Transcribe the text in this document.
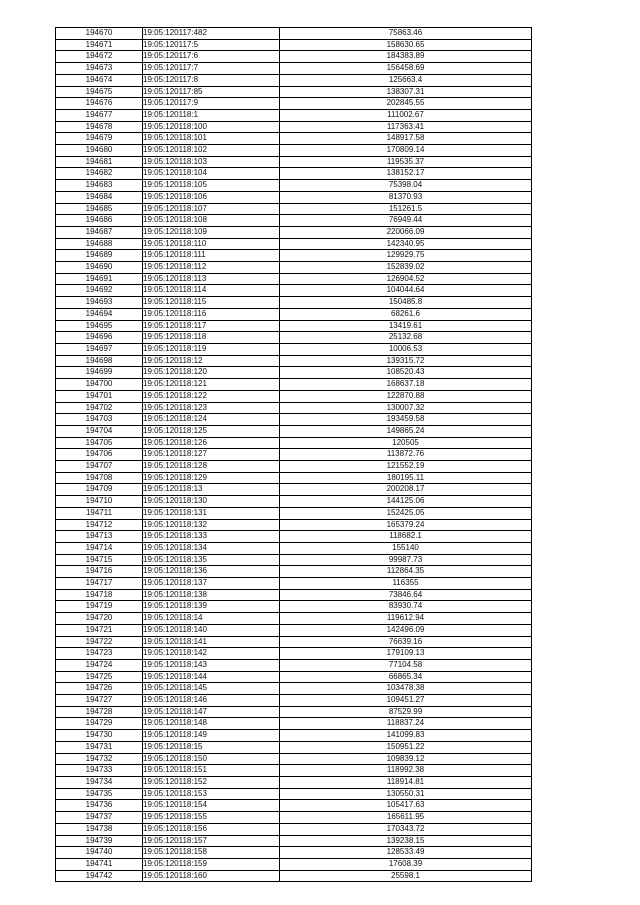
194670	19:05:120117:482	75863.46
194671	19:05:120117:5	158630.65
194672	19:05:120117:6	184383.89
194673	19:05:120117:7	156458.69
194674	19:05:120117:8	125663.4
194675	19:05:120117:85	138307.31
194676	19:05:120117:9	202845.55
194677	19:05:120118:1	111002.67
194678	19:05:120118:100	117363.41
194679	19:05:120118:101	148917.58
194680	19:05:120118:102	170809.14
194681	19:05:120118:103	119535.37
194682	19:05:120118:104	138152.17
194683	19:05:120118:105	75398.04
194684	19:05:120118:106	81370.93
194685	19:05:120118:107	151261.5
194686	19:05:120118:108	76949.44
194687	19:05:120118:109	220066.09
194688	19:05:120118:110	142340.95
194689	19:05:120118:111	129929.75
194690	19:05:120118:112	152839.02
194691	19:05:120118:113	126904.52
194692	19:05:120118:114	104044.64
194693	19:05:120118:115	150485.8
194694	19:05:120118:116	68261.6
194695	19:05:120118:117	13419.61
194696	19:05:120118:118	25132.68
194697	19:05:120118:119	10006.53
194698	19:05:120118:12	139315.72
194699	19:05:120118:120	108520.43
194700	19:05:120118:121	168637.18
194701	19:05:120118:122	122870.88
194702	19:05:120118:123	130007.32
194703	19:05:120118:124	193459.58
194704	19:05:120118:125	149865.24
194705	19:05:120118:126	120505
194706	19:05:120118:127	113872.76
194707	19:05:120118:128	121552.19
194708	19:05:120118:129	180195.11
194709	19:05:120118:13	200208.17
194710	19:05:120118:130	144125.06
194711	19:05:120118:131	152425.05
194712	19:05:120118:132	165379.24
194713	19:05:120118:133	118682.1
194714	19:05:120118:134	155140
194715	19:05:120118:135	99987.73
194716	19:05:120118:136	112864.35
194717	19:05:120118:137	116355
194718	19:05:120118:138	73846.64
194719	19:05:120118:139	83930.74
194720	19:05:120118:14	119612.94
194721	19:05:120118:140	142496.09
194722	19:05:120118:141	76639.16
194723	19:05:120118:142	179109.13
194724	19:05:120118:143	77104.58
194725	19:05:120118:144	66865.34
194726	19:05:120118:145	103478.38
194727	19:05:120118:146	109451.27
194728	19:05:120118:147	87529.99
194729	19:05:120118:148	118837.24
194730	19:05:120118:149	141099.83
194731	19:05:120118:15	150951.22
194732	19:05:120118:150	109839.12
194733	19:05:120118:151	118992.38
194734	19:05:120118:152	118914.81
194735	19:05:120118:153	130550.31
194736	19:05:120118:154	105417.63
194737	19:05:120118:155	165611.95
194738	19:05:120118:156	170343.72
194739	19:05:120118:157	139238.15
194740	19:05:120118:158	128533.49
194741	19:05:120118:159	17608.39
194742	19:05:120118:160	25598.1
